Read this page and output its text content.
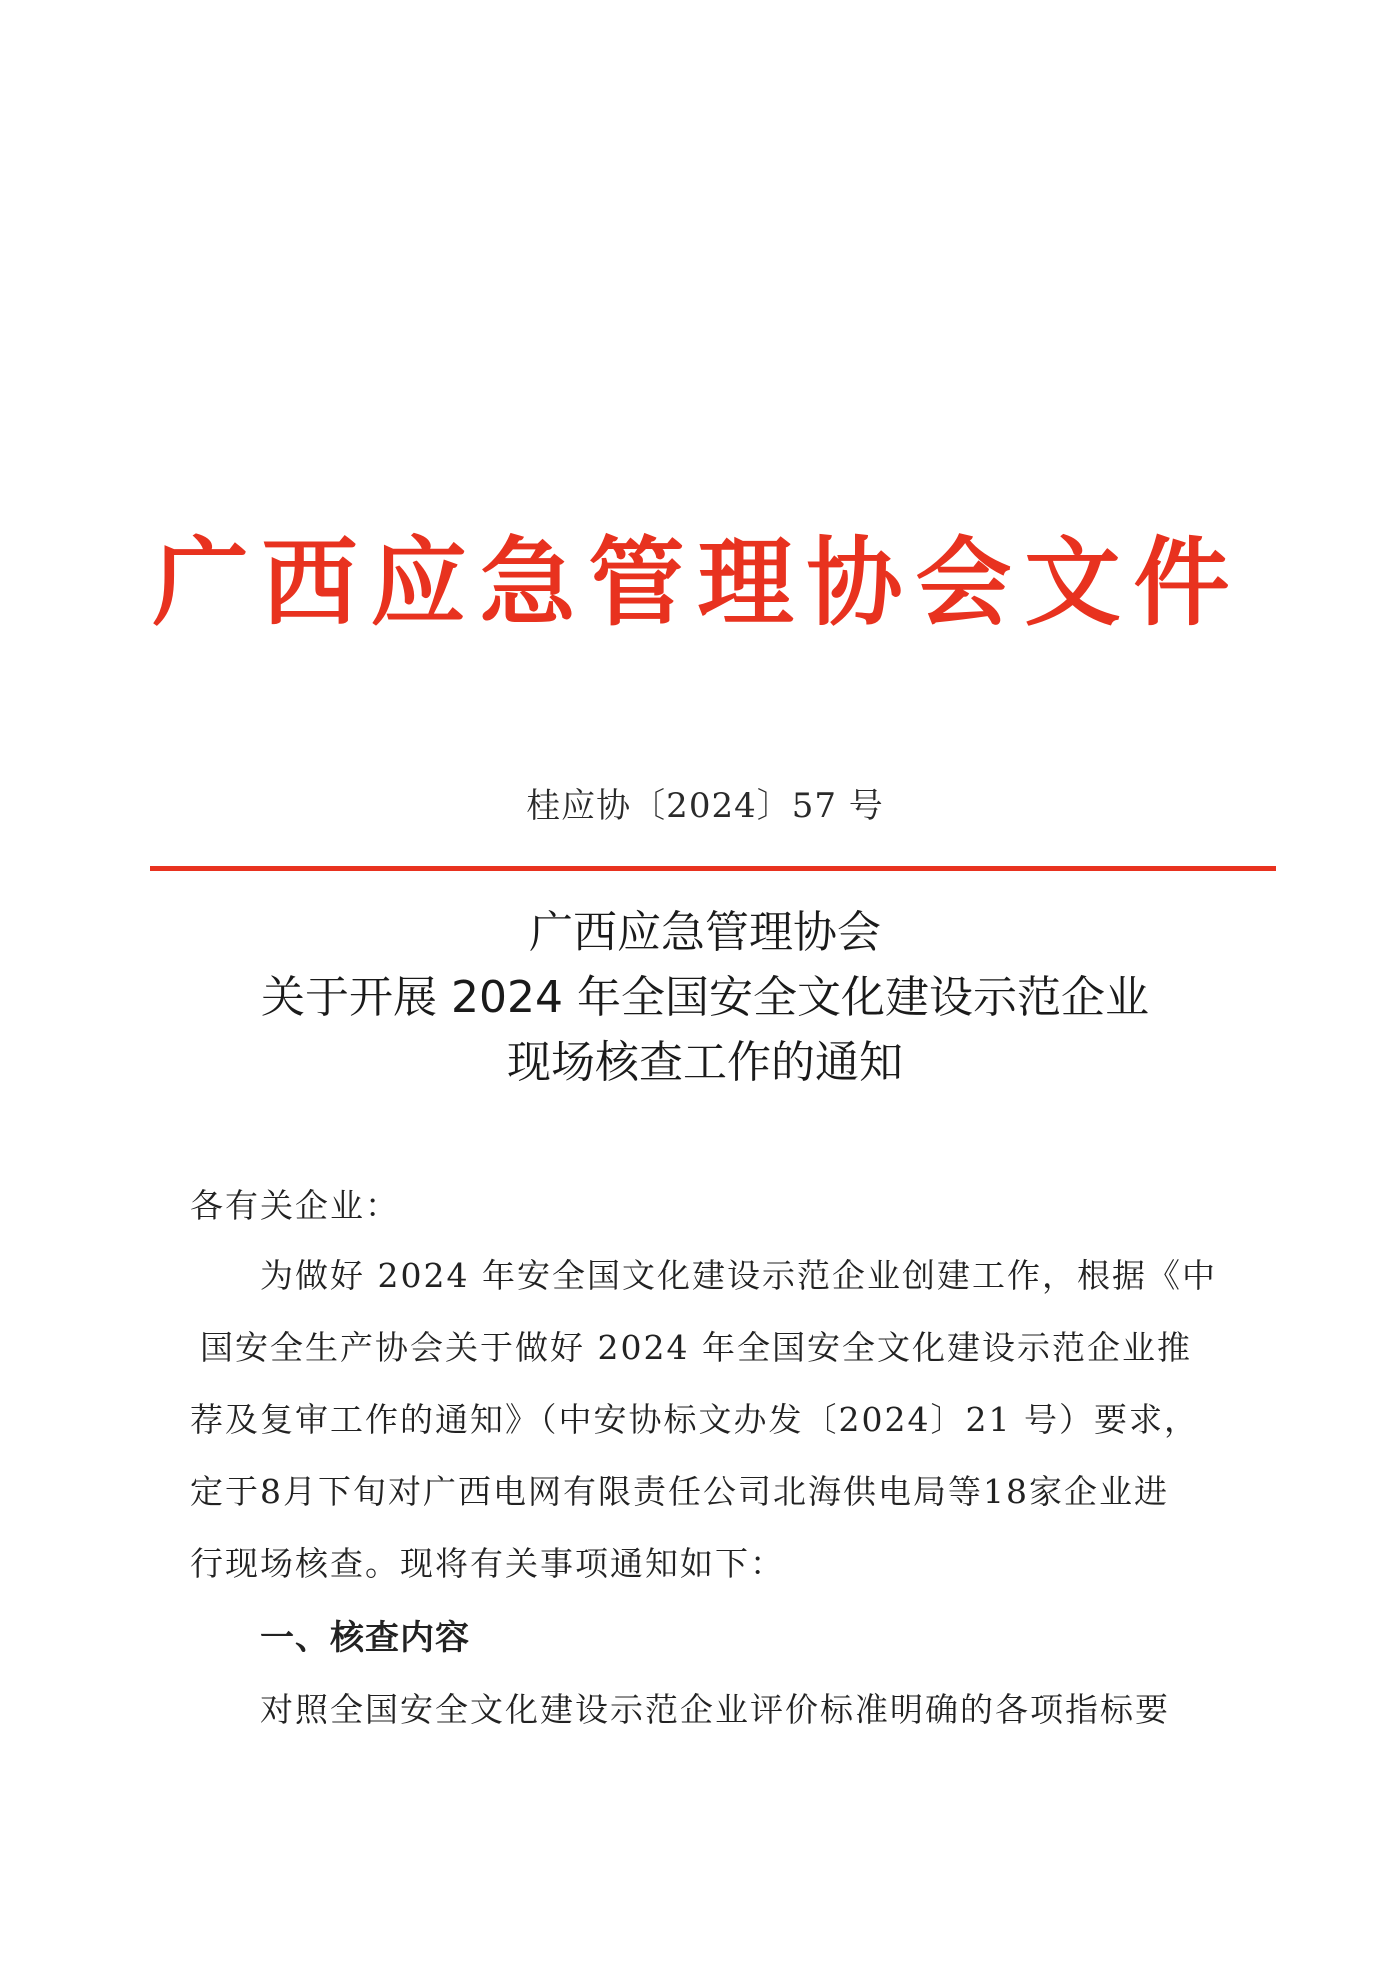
广西应急管理协会文件
桂应协〔2024〕57 号
广西应急管理协会
关于开展 2024 年全国安全文化建设示范企业
现场核查工作的通知
各有关企业：
为做好 2024 年安全国文化建设示范企业创建工作，根据《中
国安全生产协会关于做好 2024 年全国安全文化建设示范企业推
荐及复审工作的通知》（中安协标文办发〔2024〕21 号）要求，
定于8月下旬对广西电网有限责任公司北海供电局等18家企业进
行现场核查。现将有关事项通知如下：
一、核查内容
对照全国安全文化建设示范企业评价标准明确的各项指标要
